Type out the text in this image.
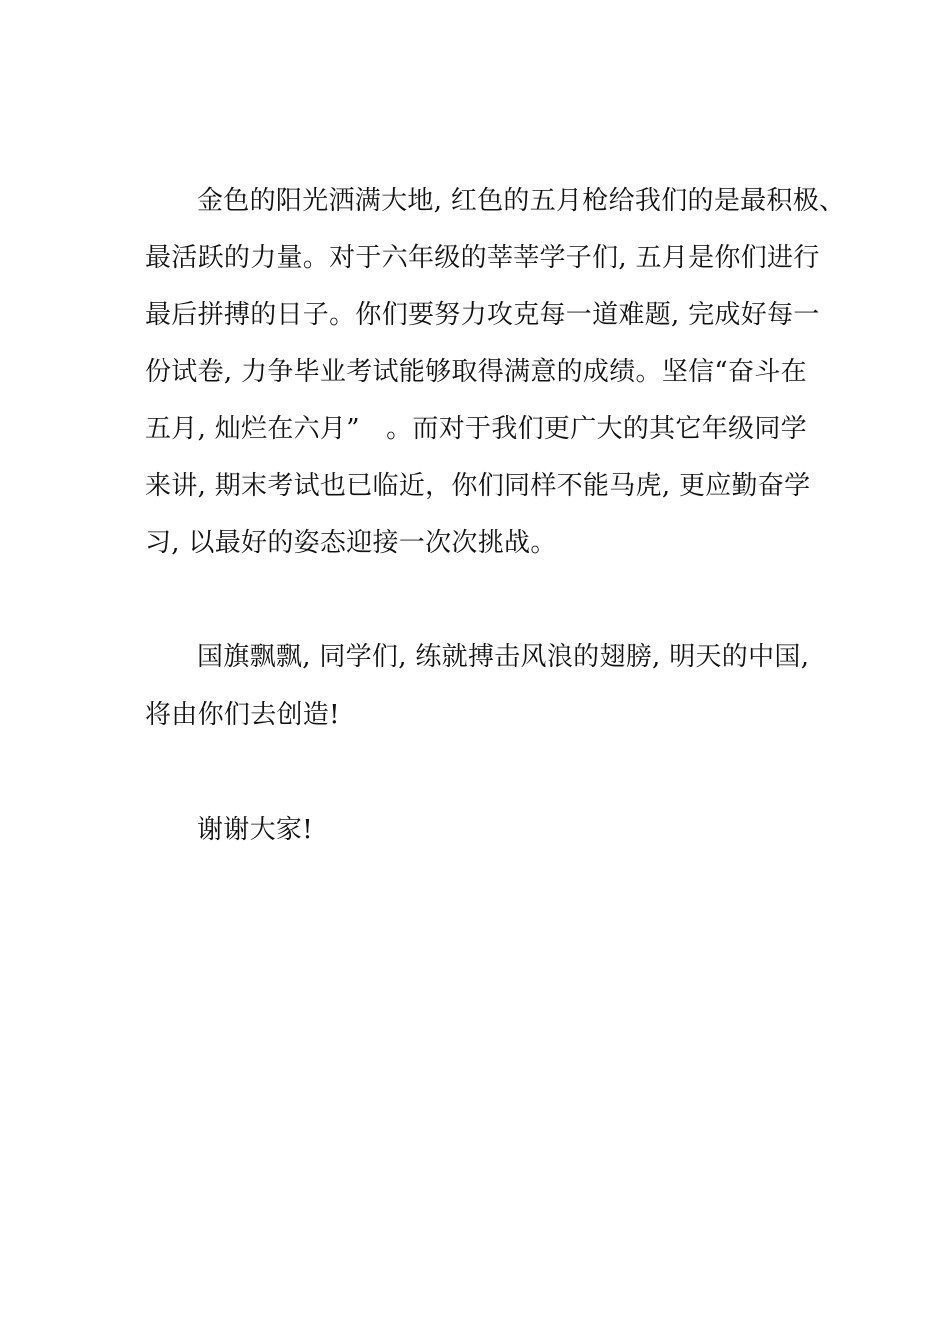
金色的阳光洒满大地, 红色的五月枪给我们的是最积极、
最活跃的力量。对于六年级的莘莘学子们, 五月是你们进行
最后拼搏的日子。你们要努力攻克每一道难题, 完成好每一
份试卷, 力争毕业考试能够取得满意的成绩。坚信“奋斗在
五月, 灿烂在六月”　。而对于我们更广大的其它年级同学
来讲, 期末考试也已临近，你们同样不能马虎, 更应勤奋学
习, 以最好的姿态迎接一次次挑战。
国旗飘飘, 同学们, 练就搏击风浪的翅膀, 明天的中国,
将由你们去创造!
谢谢大家!
